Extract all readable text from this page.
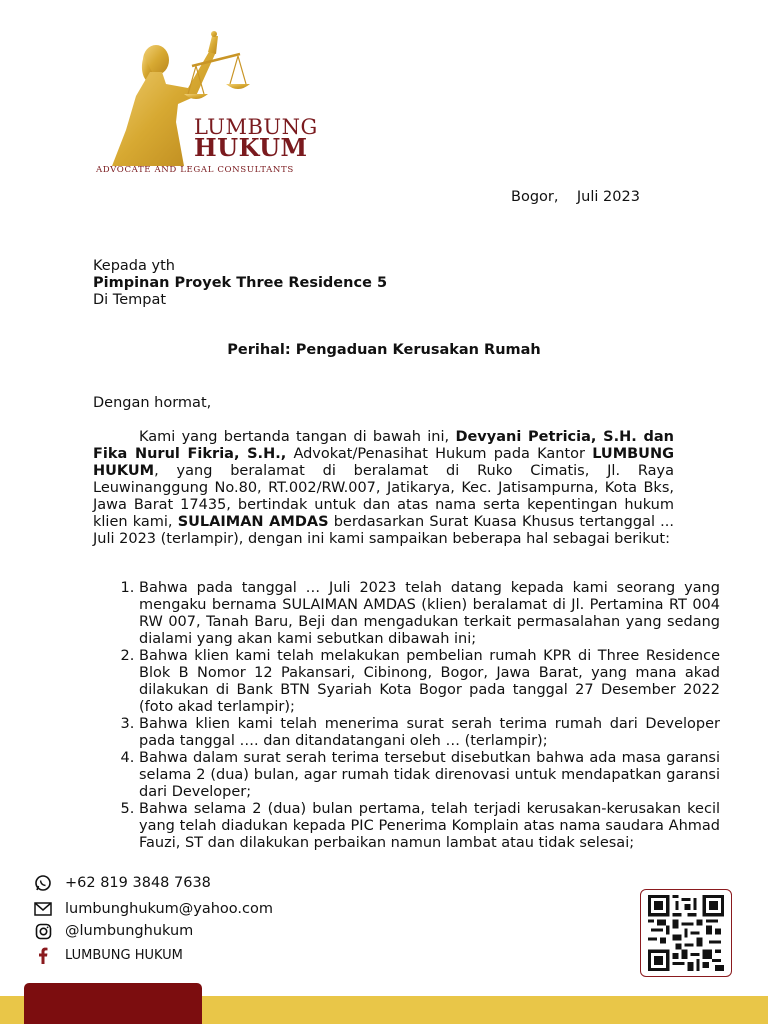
LUMBUNG
HUKUM
ADVOCATE AND LEGAL CONSULTANTS
Bogor,    Juli 2023
Kepada yth
Pimpinan Proyek Three Residence 5
Di Tempat
Perihal: Pengaduan Kerusakan Rumah
Dengan hormat,
Kami yang bertanda tangan di bawah ini, Devyani Petricia, S.H. dan Fika Nurul Fikria, S.H., Advokat/Penasihat Hukum pada Kantor LUMBUNG HUKUM, yang beralamat di beralamat di Ruko Cimatis, Jl. Raya Leuwinanggung No.80, RT.002/RW.007, Jatikarya, Kec. Jatisampurna, Kota Bks, Jawa Barat 17435, bertindak untuk dan atas nama serta kepentingan hukum klien kami, SULAIMAN AMDAS berdasarkan Surat Kuasa Khusus tertanggal ... Juli 2023 (terlampir), dengan ini kami sampaikan beberapa hal sebagai berikut:
1. Bahwa pada tanggal … Juli 2023 telah datang kepada kami seorang yang mengaku bernama SULAIMAN AMDAS (klien) beralamat di Jl. Pertamina RT 004 RW 007, Tanah Baru, Beji dan mengadukan terkait permasalahan yang sedang dialami yang akan kami sebutkan dibawah ini;
2. Bahwa klien kami telah melakukan pembelian rumah KPR di Three Residence Blok B Nomor 12 Pakansari, Cibinong, Bogor, Jawa Barat, yang mana akad dilakukan di Bank BTN Syariah Kota Bogor pada tanggal 27 Desember 2022 (foto akad terlampir);
3. Bahwa klien kami telah menerima surat serah terima rumah dari Developer pada tanggal …. dan ditandatangani oleh … (terlampir);
4. Bahwa dalam surat serah terima tersebut disebutkan bahwa ada masa garansi selama 2 (dua) bulan, agar rumah tidak direnovasi untuk mendapatkan garansi dari Developer;
5. Bahwa selama 2 (dua) bulan pertama, telah terjadi kerusakan-kerusakan kecil yang telah diadukan kepada PIC Penerima Komplain atas nama saudara Ahmad Fauzi, ST dan dilakukan perbaikan namun lambat atau tidak selesai;
+62 819 3848 7638
lumbunghukum@yahoo.com
@lumbunghukum
LUMBUNG HUKUM
